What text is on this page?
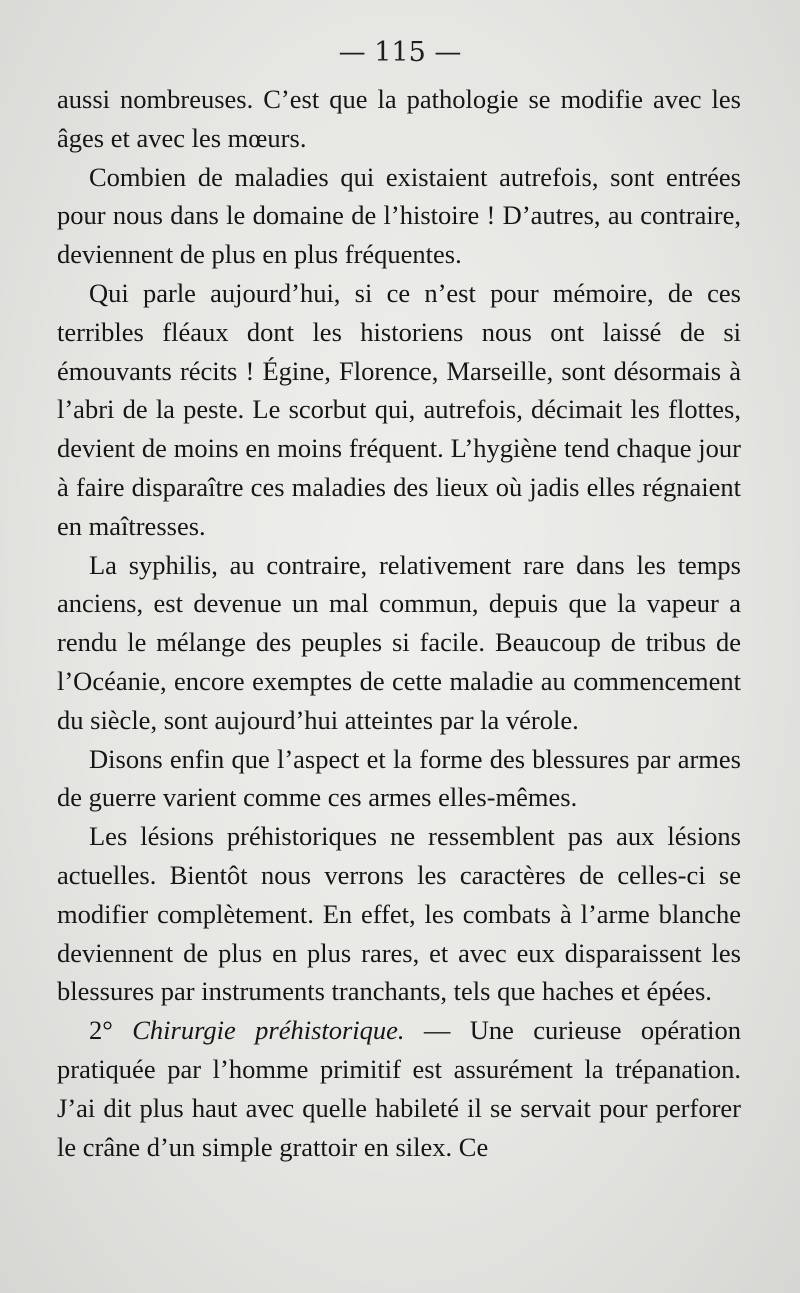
— 115 —

aussi nombreuses. C’est que la pathologie se modifie avec les âges et avec les mœurs.

Combien de maladies qui existaient autrefois, sont entrées pour nous dans le domaine de l’histoire ! D’autres, au contraire, deviennent de plus en plus fréquentes.

Qui parle aujourd’hui, si ce n’est pour mémoire, de ces terribles fléaux dont les historiens nous ont laissé de si émouvants récits ! Égine, Florence, Marseille, sont désormais à l’abri de la peste. Le scorbut qui, autrefois, décimait les flottes, devient de moins en moins fréquent. L’hygiène tend chaque jour à faire disparaître ces maladies des lieux où jadis elles régnaient en maîtresses.

La syphilis, au contraire, relativement rare dans les temps anciens, est devenue un mal commun, depuis que la vapeur a rendu le mélange des peuples si facile. Beaucoup de tribus de l’Océanie, encore exemptes de cette maladie au commencement du siècle, sont aujourd’hui atteintes par la vérole.

Disons enfin que l’aspect et la forme des blessures par armes de guerre varient comme ces armes elles-mêmes.

Les lésions préhistoriques ne ressemblent pas aux lésions actuelles. Bientôt nous verrons les caractères de celles-ci se modifier complètement. En effet, les combats à l’arme blanche deviennent de plus en plus rares, et avec eux disparaissent les blessures par instruments tranchants, tels que haches et épées.

2° Chirurgie préhistorique. — Une curieuse opération pratiquée par l’homme primitif est assurément la trépanation. J’ai dit plus haut avec quelle habileté il se servait pour perforer le crâne d’un simple grattoir en silex. Ce
